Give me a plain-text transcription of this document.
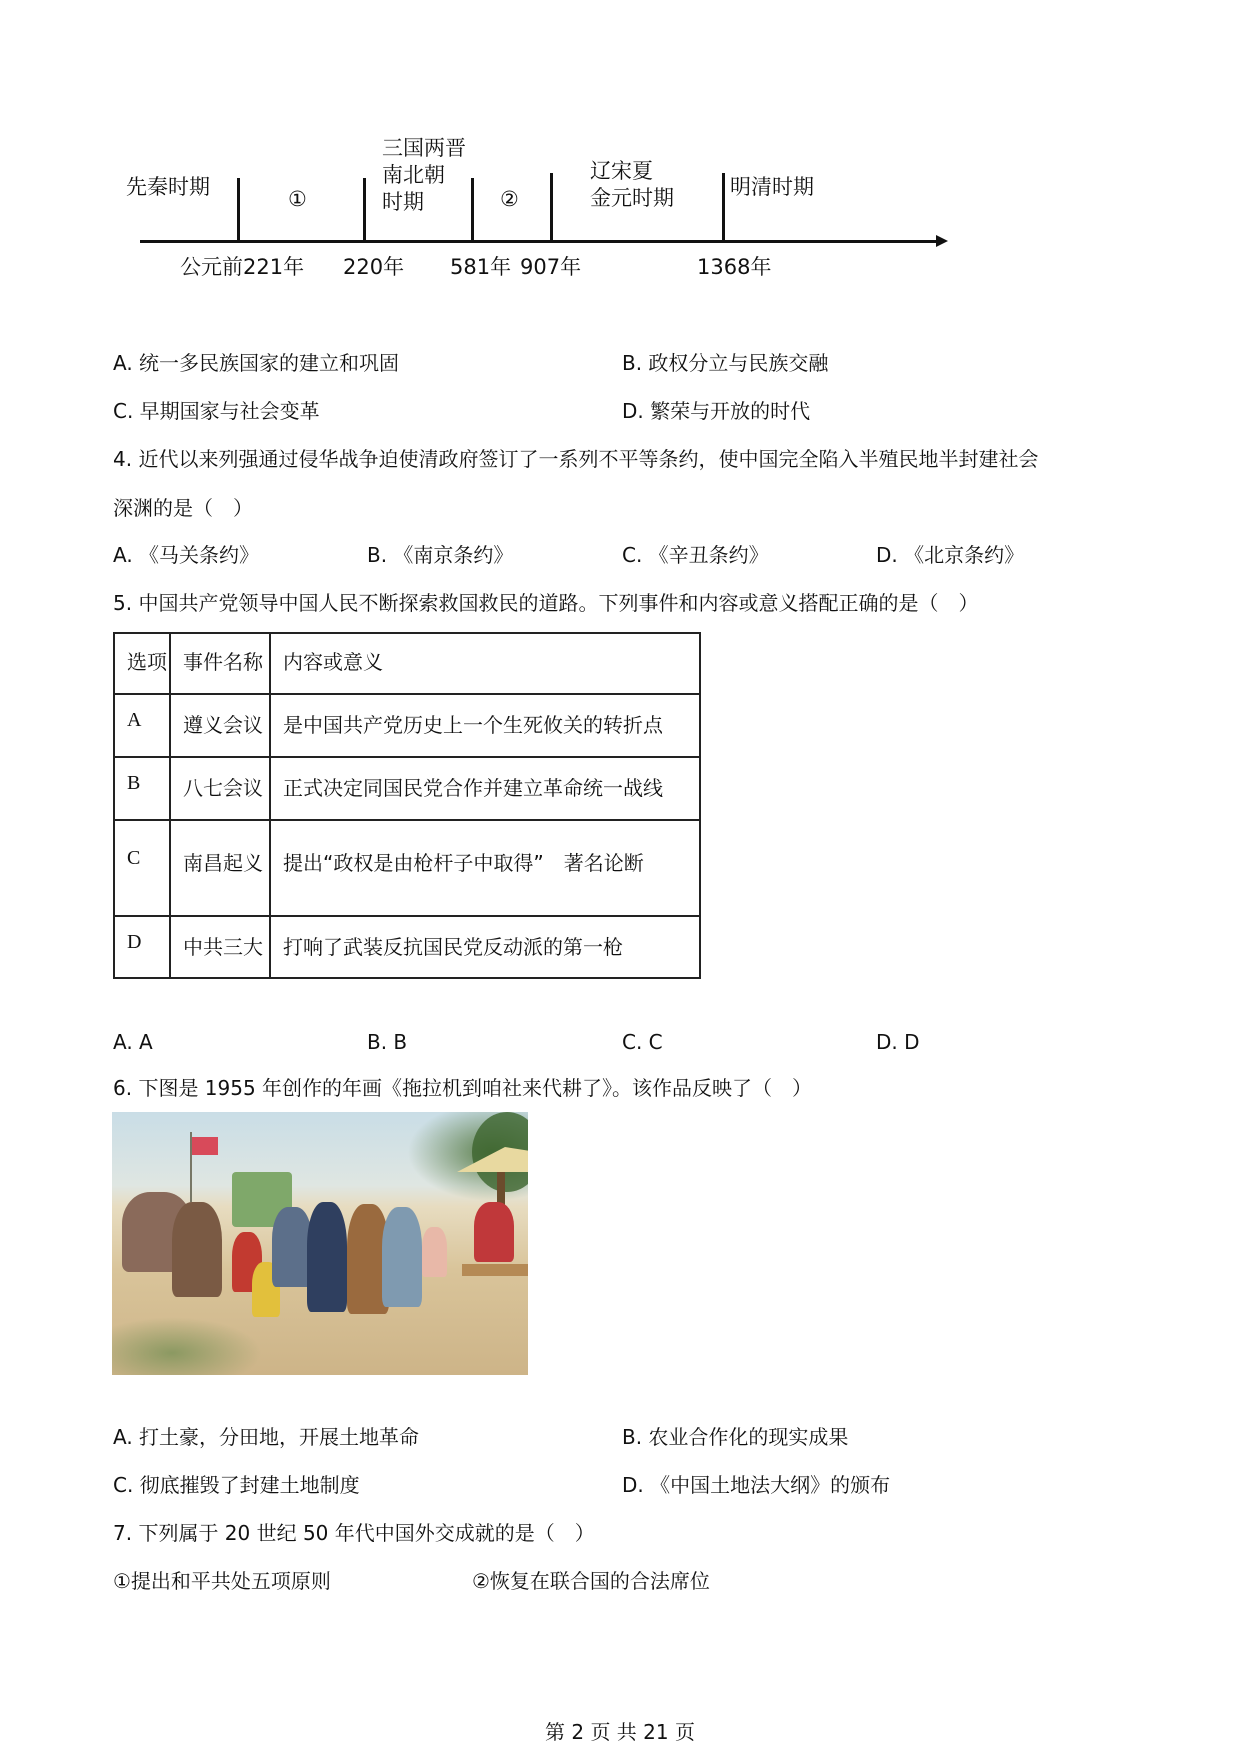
先秦时期	①
三国两晋
南北朝
时期	②
辽宋夏
金元时期	明清时期
公元前221年 220年 581年 907年	1368年
A. 统一多民族国家的建立和巩固	B. 政权分立与民族交融
C. 早期国家与社会变革	D. 繁荣与开放的时代
4. 近代以来列强通过侵华战争迫使清政府签订了一系列不平等条约，使中国完全陷入半殖民地半封建社会
深渊的是（　）
A. 《马关条约》	B. 《南京条约》	C. 《辛丑条约》	D. 《北京条约》
5. 中国共产党领导中国人民不断探索救国救民的道路。下列事件和内容或意义搭配正确的是（　）
选项	事件名称	内容或意义
A	遵义会议	是中国共产党历史上一个生死攸关的转折点
B	八七会议	正式决定同国民党合作并建立革命统一战线
C	南昌起义	提出“政权是由枪杆子中取得”　著名论断
D	中共三大	打响了武装反抗国民党反动派的第一枪
A. A	B. B	C. C	D. D
6. 下图是 1955 年创作的年画《拖拉机到咱社来代耕了》。该作品反映了（　）
A. 打土豪，分田地，开展土地革命	B. 农业合作化的现实成果
C. 彻底摧毁了封建土地制度	D. 《中国土地法大纲》的颁布
7. 下列属于 20 世纪 50 年代中国外交成就的是（　）
①提出和平共处五项原则	②恢复在联合国的合法席位
第 2 页 共 21 页
